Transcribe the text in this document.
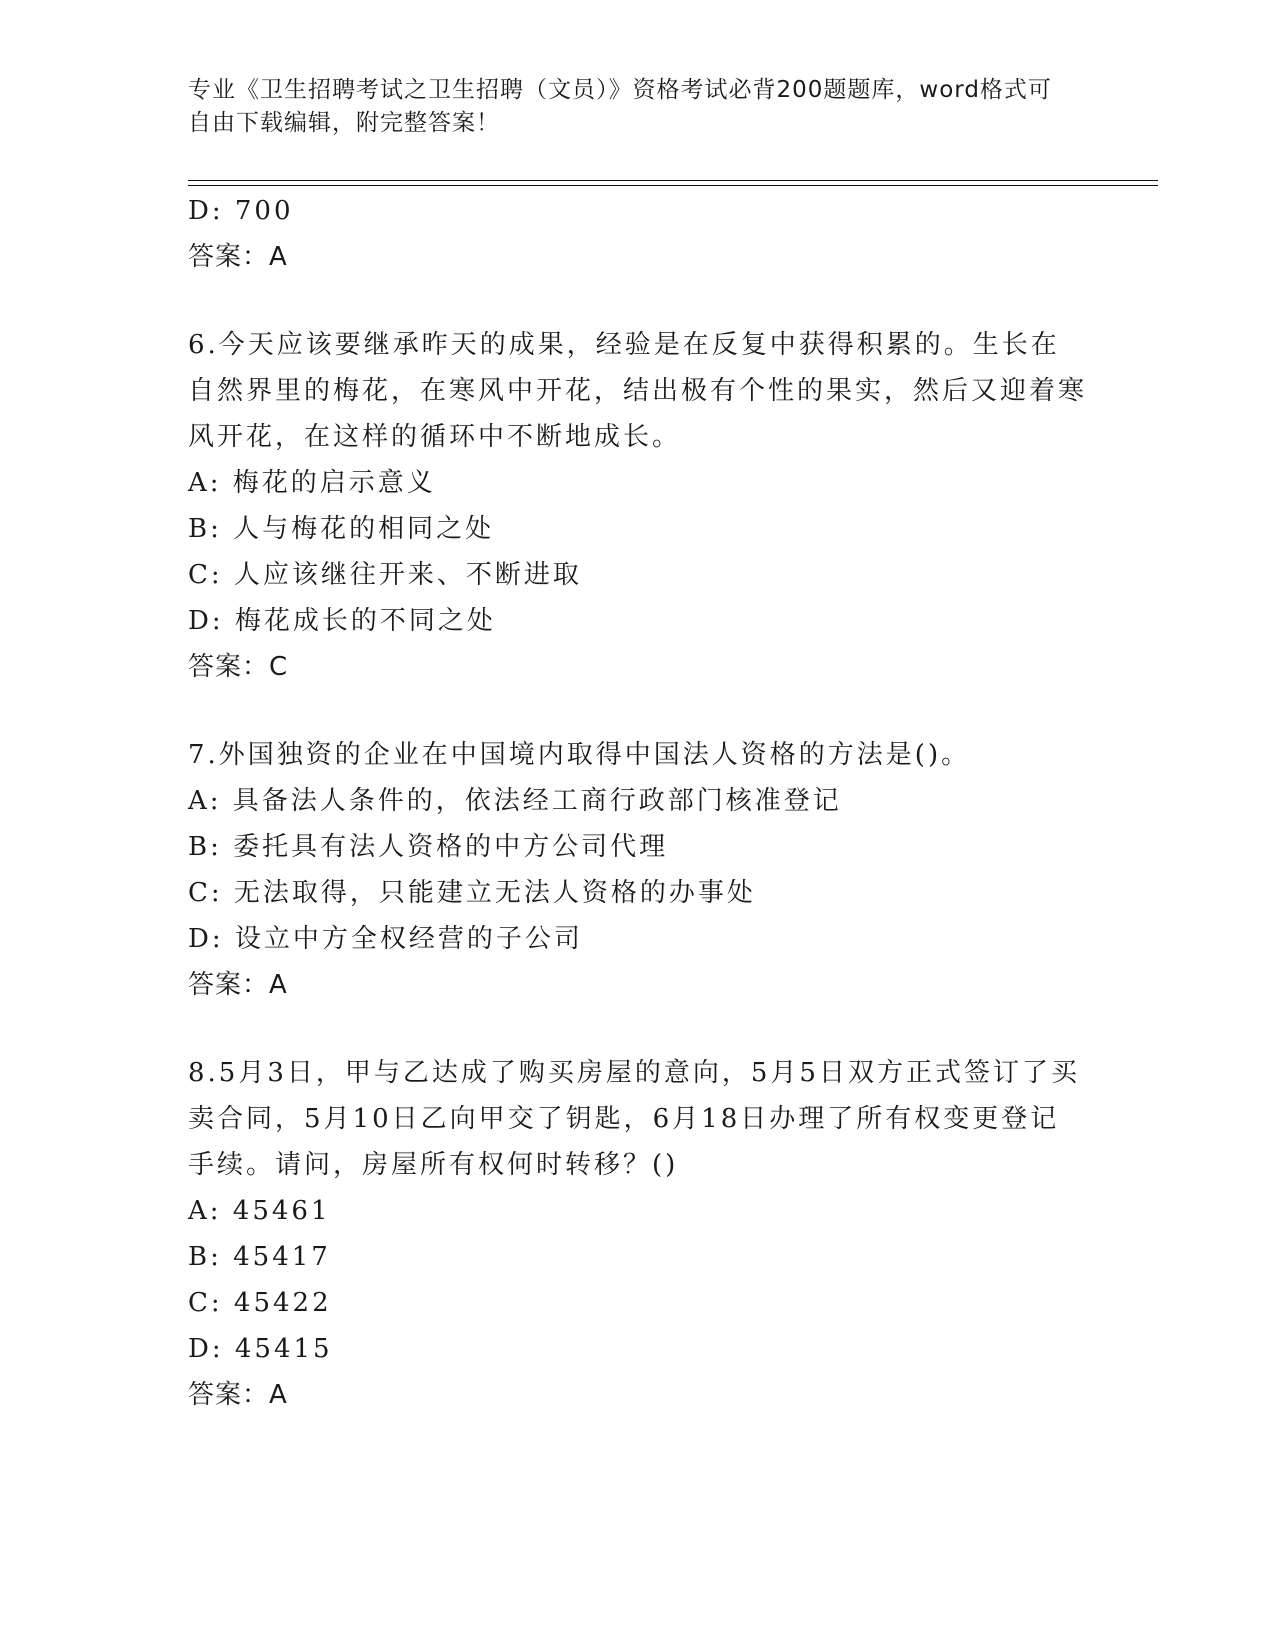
专业《卫生招聘考试之卫生招聘（文员）》资格考试必背200题题库，word格式可自由下载编辑，附完整答案！
D: 700
答案：A
6.今天应该要继承昨天的成果，经验是在反复中获得积累的。生长在自然界里的梅花，在寒风中开花，结出极有个性的果实，然后又迎着寒风开花，在这样的循环中不断地成长。
A: 梅花的启示意义
B: 人与梅花的相同之处
C: 人应该继往开来、不断进取
D: 梅花成长的不同之处
答案：C
7.外国独资的企业在中国境内取得中国法人资格的方法是()。
A: 具备法人条件的，依法经工商行政部门核准登记
B: 委托具有法人资格的中方公司代理
C: 无法取得，只能建立无法人资格的办事处
D: 设立中方全权经营的子公司
答案：A
8.5月3日，甲与乙达成了购买房屋的意向，5月5日双方正式签订了买卖合同，5月10日乙向甲交了钥匙，6月18日办理了所有权变更登记手续。请问，房屋所有权何时转移？()
A: 45461
B: 45417
C: 45422
D: 45415
答案：A
